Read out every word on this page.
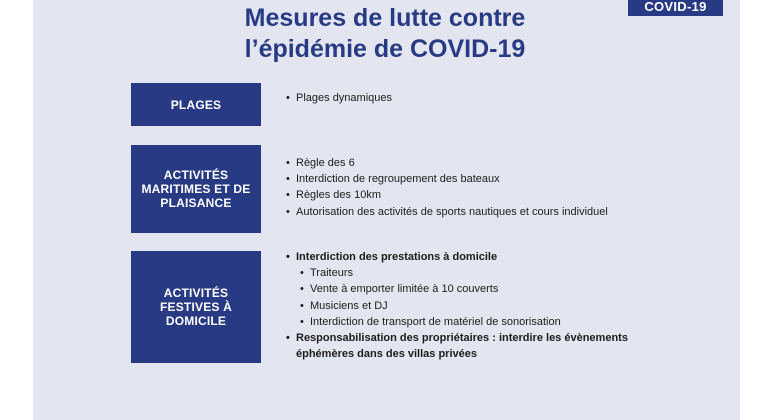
COVID-19
Mesures de lutte contre
l’épidémie de COVID-19
PLAGES
•	Plages dynamiques
ACTIVITÉS MARITIMES ET DE PLAISANCE
• Règle des 6
• Interdiction de regroupement des bateaux
• Règles des 10km
• Autorisation des activités de sports nautiques et cours individuel
ACTIVITÉS FESTIVES À DOMICILE
• Interdiction des prestations à domicile
• Traiteurs
• Vente à emporter limitée à 10 couverts
• Musiciens et DJ
• Interdiction de transport de matériel de sonorisation
• Responsabilisation des propriétaires : interdire les évènements
éphémères dans des villas privées
